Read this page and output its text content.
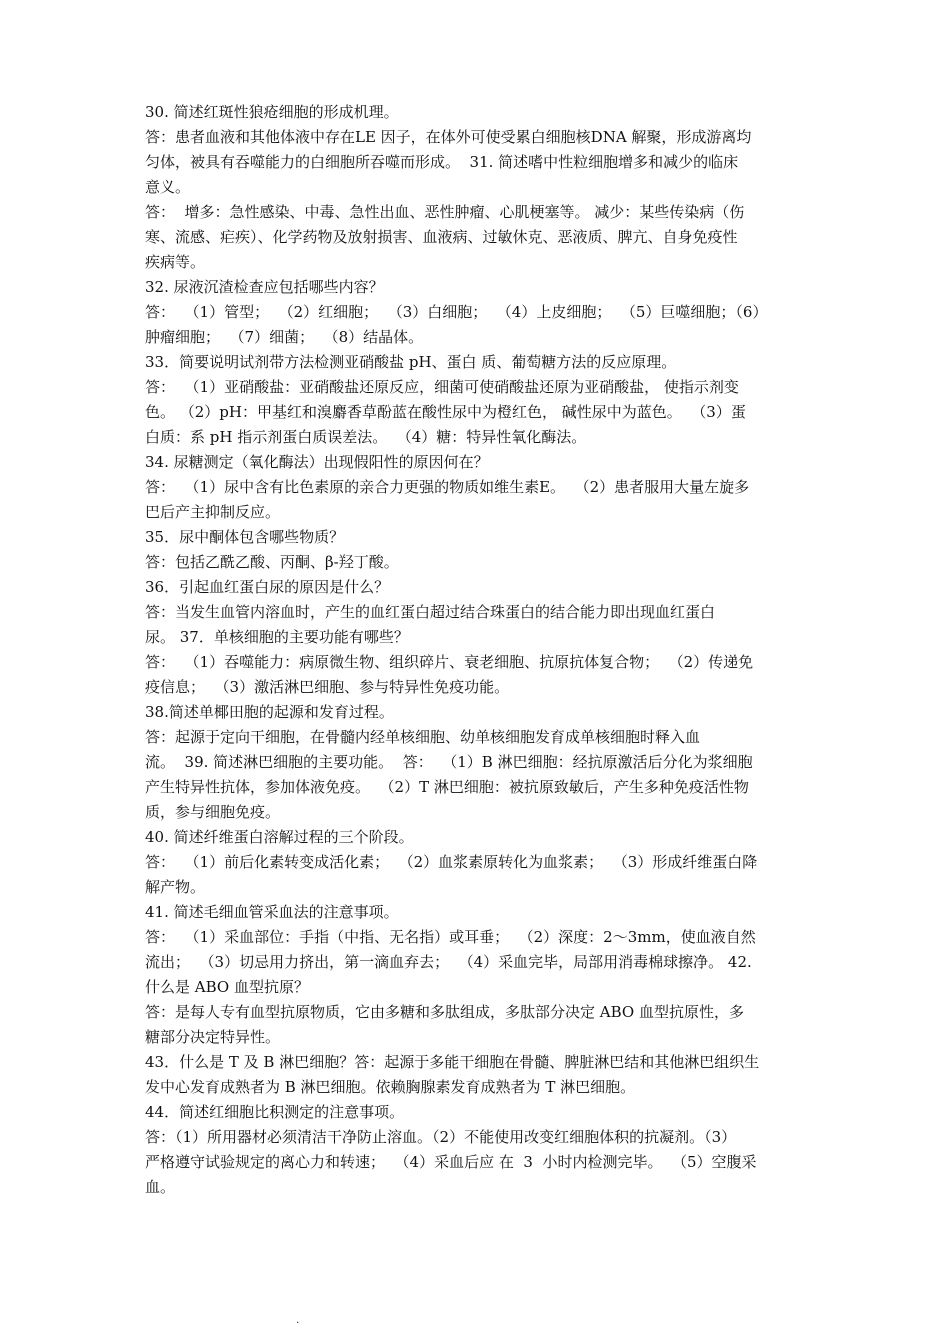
30. 简述红斑性狼疮细胞的形成机理。

答：患者血液和其他体液中存在LE 因子，在体外可使受累白细胞核DNA 解聚，形成游离均

匀体，被具有吞噬能力的白细胞所吞噬而形成。  31. 简述嗜中性粒细胞增多和减少的临床

意义。

答：  增多：急性感染、中毒、急性出血、恶性肿瘤、心肌梗塞等。 减少：某些传染病（伤

寒、流感、疟疾）、化学药物及放射损害、血液病、过敏休克、恶液质、脾亢、自身免疫性

疾病等。

32. 尿液沉渣检查应包括哪些内容？

答：  （1）管型；  （2）红细胞；  （3）白细胞；  （4）上皮细胞；  （5）巨噬细胞；（6）

肿瘤细胞；  （7）细菌；  （8）结晶体。

33．简要说明试剂带方法检测亚硝酸盐 pH、蛋白 质、葡萄糖方法的反应原理。

答：  （1）亚硝酸盐：亚硝酸盐还原反应，细菌可使硝酸盐还原为亚硝酸盐， 使指示剂变

色。 （2）pH：甲基红和溴麝香草酚蓝在酸性尿中为橙红色， 碱性尿中为蓝色。  （3）蛋

白质：系 pH 指示剂蛋白质误差法。  （4）糖：特异性氧化酶法。

34. 尿糖测定（氧化酶法）出现假阳性的原因何在？

答：  （1）尿中含有比色素原的亲合力更强的物质如维生素E。  （2）患者服用大量左旋多

巴后产主抑制反应。

35．尿中酮体包含哪些物质？

答：包括乙酰乙酸、丙酮、β-羟丁酸。

36．引起血红蛋白尿的原因是什么？

答：当发生血管内溶血时，产生的血红蛋白超过结合珠蛋白的结合能力即出现血红蛋白

尿。 37．单核细胞的主要功能有哪些？

答：  （1）吞噬能力：病原微生物、组织碎片、衰老细胞、抗原抗体复合物；  （2）传递免

疫信息；  （3）激活淋巴细胞、参与特异性免疫功能。

38.简述单椰田胞的起源和发育过程。

答：起源于定向干细胞，在骨髓内经单核细胞、幼单核细胞发育成单核细胞时释入血

流。  39. 简述淋巴细胞的主要功能。  答：  （1）B 淋巴细胞：经抗原激活后分化为浆细胞

产生特异性抗体，参加体液免疫。  （2）T 淋巴细胞：被抗原致敏后，产生多种免疫活性物

质，参与细胞免疫。

40. 简述纤维蛋白溶解过程的三个阶段。

答：  （1）前后化素转变成活化素；  （2）血浆素原转化为血浆素；  （3）形成纤维蛋白降

解产物。

41. 简述毛细血管采血法的注意事项。

答：  （1）采血部位：手指（中指、无名指）或耳垂；  （2）深度：2～3mm，使血液自然

流出；  （3）切忌用力挤出，第一滴血弃去；  （4）采血完毕，局部用消毒棉球擦净。 42.

什么是 ABO 血型抗原？

答：是每人专有血型抗原物质，它由多糖和多肽组成，多肽部分决定 ABO 血型抗原性，多

糖部分决定特异性。

43．什么是 T 及 B 淋巴细胞？答：起源于多能干细胞在骨髓、脾脏淋巴结和其他淋巴组织生

发中心发育成熟者为 B 淋巴细胞。依赖胸腺素发育成熟者为 T 淋巴细胞。

44．简述红细胞比积测定的注意事项。

答：（1）所用器材必须清洁干净防止溶血。（2）不能使用改变红细胞体积的抗凝剂。（3）

严格遵守试验规定的离心力和转速；  （4）采血后应 在  3  小时内检测完毕。  （5）空腹采

血。

.
